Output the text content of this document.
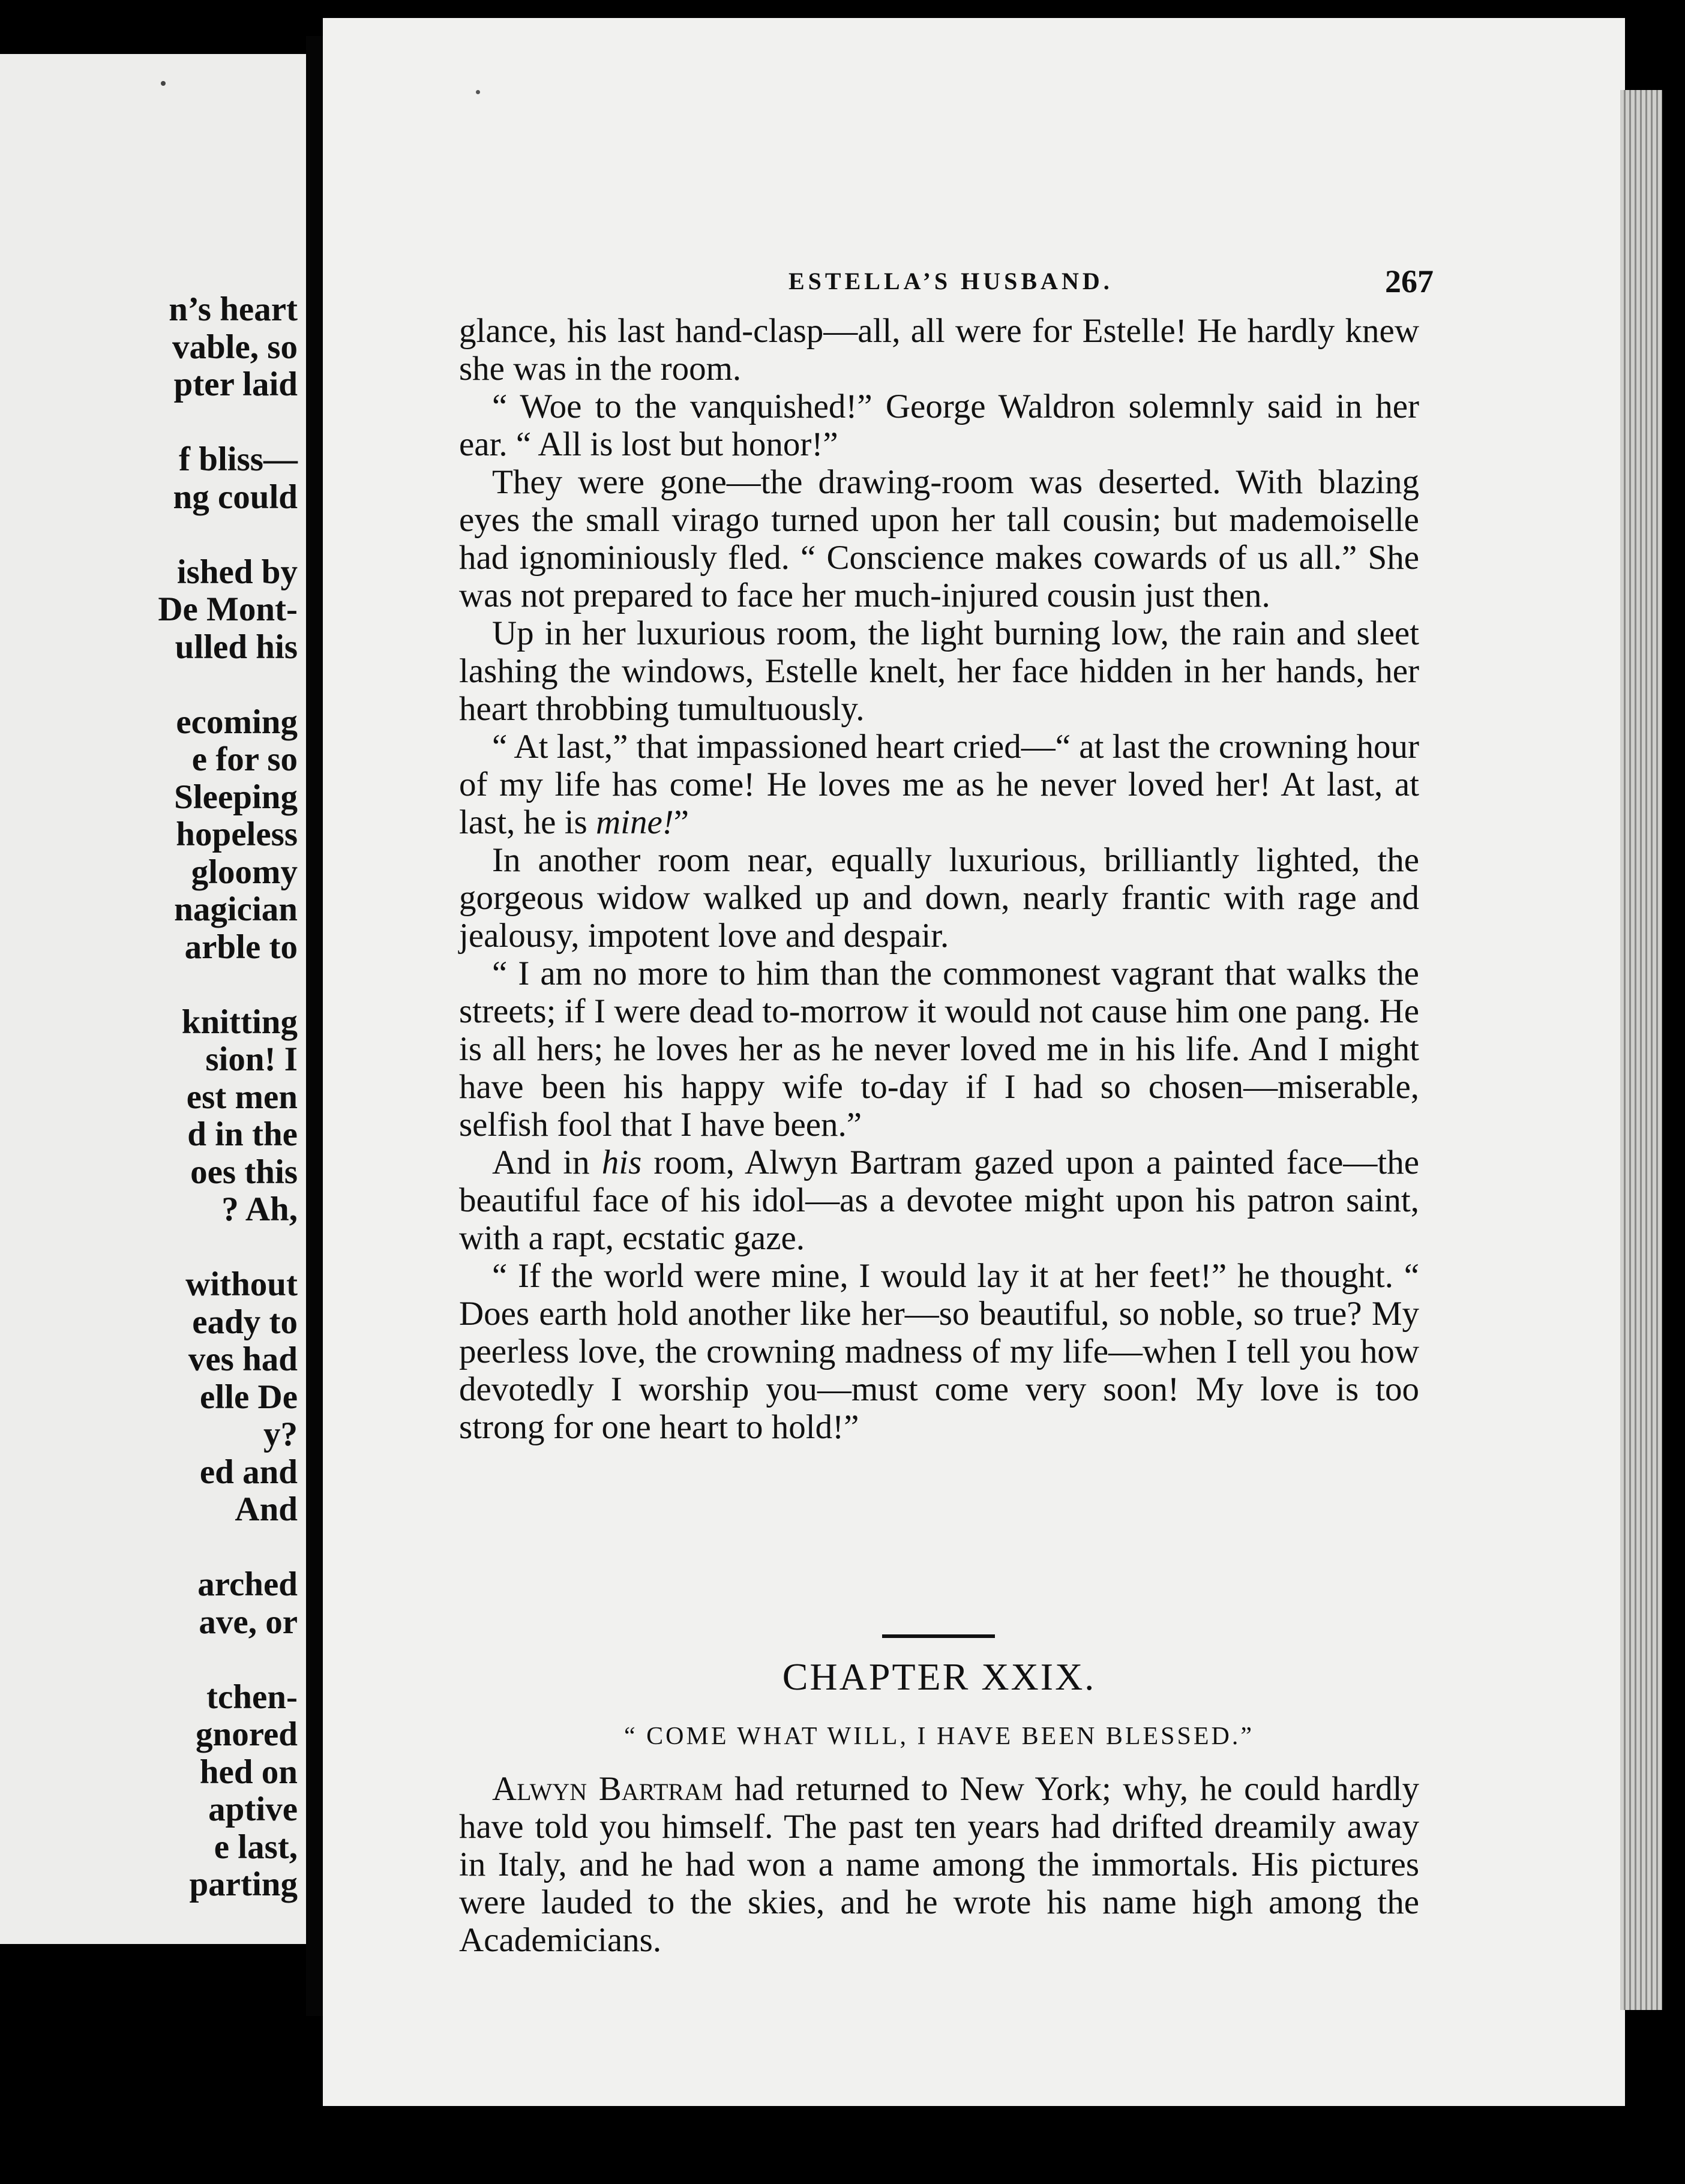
n’s heart
vable, so
pter laid
f bliss—
ng could
ished by
De Mont-
ulled his
ecoming
e for so
Sleeping
hopeless
gloomy
nagician
arble to
knitting
sion! I
est men
d in the
oes this
? Ah,
without
eady to
ves had
elle De
y?
ed and
And
arched
ave, or
tchen-
gnored
hed on
aptive
e last,
parting
ESTELLA’S HUSBAND.	267

glance, his last hand-clasp—all, all were for Estelle! He hardly knew she was in the room.

“ Woe to the vanquished!” George Waldron solemnly said in her ear. “ All is lost but honor!”

They were gone—the drawing-room was deserted. With blazing eyes the small virago turned upon her tall cousin; but mademoiselle had ignominiously fled. “ Conscience makes cowards of us all.” She was not prepared to face her much-injured cousin just then.

Up in her luxurious room, the light burning low, the rain and sleet lashing the windows, Estelle knelt, her face hidden in her hands, her heart throbbing tumultuously.

“ At last,” that impassioned heart cried—“ at last the crowning hour of my life has come! He loves me as he never loved her! At last, at last, he is mine!”

In another room near, equally luxurious, brilliantly lighted, the gorgeous widow walked up and down, nearly frantic with rage and jealousy, impotent love and despair.

“ I am no more to him than the commonest vagrant that walks the streets; if I were dead to-morrow it would not cause him one pang. He is all hers; he loves her as he never loved me in his life. And I might have been his happy wife to-day if I had so chosen—miserable, selfish fool that I have been.”

And in his room, Alwyn Bartram gazed upon a painted face—the beautiful face of his idol—as a devotee might upon his patron saint, with a rapt, ecstatic gaze.

“ If the world were mine, I would lay it at her feet!” he thought. “ Does earth hold another like her—so beautiful, so noble, so true? My peerless love, the crowning madness of my life—when I tell you how devotedly I worship you—must come very soon! My love is too strong for one heart to hold!”

CHAPTER XXIX.
“ COME WHAT WILL, I HAVE BEEN BLESSED.”

Alwyn Bartram had returned to New York; why, he could hardly have told you himself. The past ten years had drifted dreamily away in Italy, and he had won a name among the immortals. His pictures were lauded to the skies, and he wrote his name high among the Academicians.
